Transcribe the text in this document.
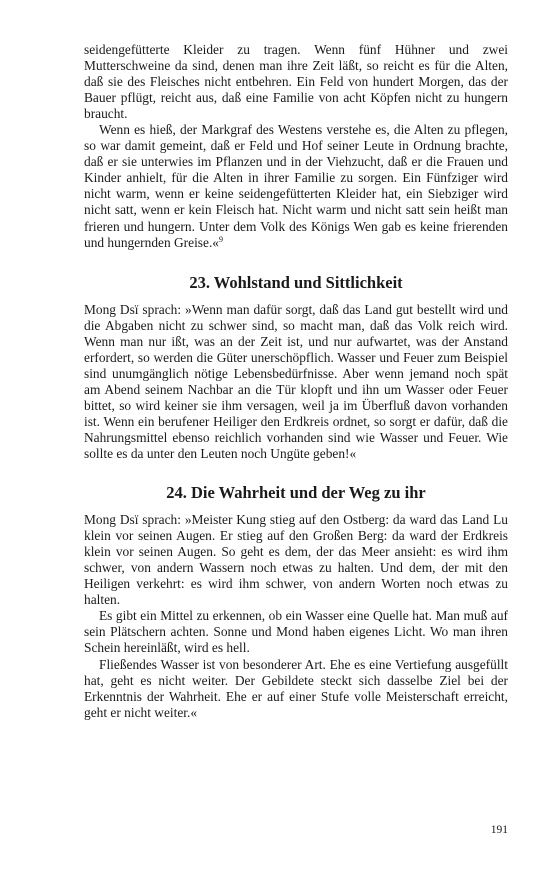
seidengefütterte Kleider zu tragen. Wenn fünf Hühner und zwei Mutterschweine da sind, denen man ihre Zeit läßt, so reicht es für die Alten, daß sie des Fleisches nicht entbehren. Ein Feld von hundert Morgen, das der Bauer pflügt, reicht aus, daß eine Familie von acht Köpfen nicht zu hungern braucht.

Wenn es hieß, der Markgraf des Westens verstehe es, die Alten zu pflegen, so war damit gemeint, daß er Feld und Hof seiner Leute in Ordnung brachte, daß er sie unterwies im Pflanzen und in der Viehzucht, daß er die Frauen und Kinder anhielt, für die Alten in ihrer Familie zu sorgen. Ein Fünfziger wird nicht warm, wenn er keine seidengefütterten Kleider hat, ein Siebziger wird nicht satt, wenn er kein Fleisch hat. Nicht warm und nicht satt sein heißt man frieren und hungern. Unter dem Volk des Königs Wen gab es keine frierenden und hungernden Greise.«$^9$

23. Wohlstand und Sittlichkeit

Mong Dsï sprach: »Wenn man dafür sorgt, daß das Land gut bestellt wird und die Abgaben nicht zu schwer sind, so macht man, daß das Volk reich wird. Wenn man nur ißt, was an der Zeit ist, und nur aufwartet, was der Anstand erfordert, so werden die Güter unerschöpflich. Wasser und Feuer zum Beispiel sind unumgänglich nötige Lebensbedürfnisse. Aber wenn jemand noch spät am Abend seinem Nachbar an die Tür klopft und ihn um Wasser oder Feuer bittet, so wird keiner sie ihm versagen, weil ja im Überfluß davon vorhanden ist. Wenn ein berufener Heiliger den Erdkreis ordnet, so sorgt er dafür, daß die Nahrungsmittel ebenso reichlich vorhanden sind wie Wasser und Feuer. Wie sollte es da unter den Leuten noch Ungüte geben!«

24. Die Wahrheit und der Weg zu ihr

Mong Dsï sprach: »Meister Kung stieg auf den Ostberg: da ward das Land Lu klein vor seinen Augen. Er stieg auf den Großen Berg: da ward der Erdkreis klein vor seinen Augen. So geht es dem, der das Meer ansieht: es wird ihm schwer, von andern Wassern noch etwas zu halten. Und dem, der mit den Heiligen verkehrt: es wird ihm schwer, von andern Worten noch etwas zu halten.

Es gibt ein Mittel zu erkennen, ob ein Wasser eine Quelle hat. Man muß auf sein Plätschern achten. Sonne und Mond haben eigenes Licht. Wo man ihren Schein hereinläßt, wird es hell.

Fließendes Wasser ist von besonderer Art. Ehe es eine Vertiefung ausgefüllt hat, geht es nicht weiter. Der Gebildete steckt sich dasselbe Ziel bei der Erkenntnis der Wahrheit. Ehe er auf einer Stufe volle Meisterschaft erreicht, geht er nicht weiter.«

191
